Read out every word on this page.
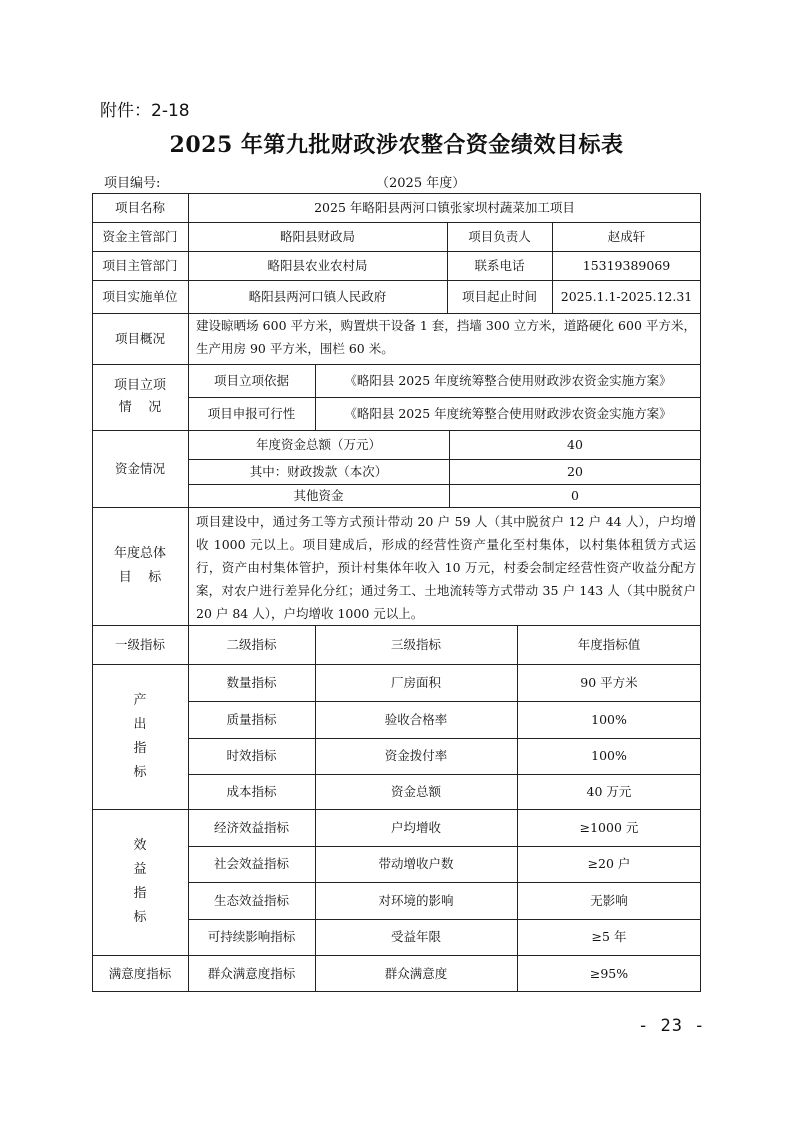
附件：2-18
2025 年第九批财政涉农整合资金绩效目标表
项目编号:	（2025 年度）
项目名称	2025 年略阳县两河口镇张家坝村蔬菜加工项目
资金主管部门	略阳县财政局	项目负责人	赵成轩
项目主管部门	略阳县农业农村局	联系电话	15319389069
项目实施单位	略阳县两河口镇人民政府	项目起止时间	2025.1.1-2025.12.31
项目概况
建设晾晒场 600 平方米，购置烘干设备 1 套，挡墙 300 立方米，道路硬化 600 平方米，生产用房 90 平方米，围栏 60 米。
项目立项
情    况
项目立项依据	《略阳县 2025 年度统筹整合使用财政涉农资金实施方案》
项目申报可行性	《略阳县 2025 年度统筹整合使用财政涉农资金实施方案》
资金情况
年度资金总额（万元）	40
其中：财政拨款（本次）	20
其他资金	0
年度总体
目    标
项目建设中，通过务工等方式预计带动 20 户 59 人（其中脱贫户 12 户 44 人），户均增收 1000 元以上。项目建成后，形成的经营性资产量化至村集体，以村集体租赁方式运行，资产由村集体管护，预计村集体年收入 10 万元，村委会制定经营性资产收益分配方案，对农户进行差异化分红；通过务工、土地流转等方式带动 35 户 143 人（其中脱贫户 20 户 84 人），户均增收 1000 元以上。
一级指标	二级指标	三级指标	年度指标值
产
出
指
标
数量指标	厂房面积	90 平方米
质量指标	验收合格率	100%
时效指标	资金拨付率	100%
成本指标	资金总额	40 万元
效
益
指
标
经济效益指标	户均增收	≥1000 元
社会效益指标	带动增收户数	≥20 户
生态效益指标	对环境的影响	无影响
可持续影响指标	受益年限	≥5 年
满意度指标	群众满意度指标	群众满意度	≥95%
- 23 -
